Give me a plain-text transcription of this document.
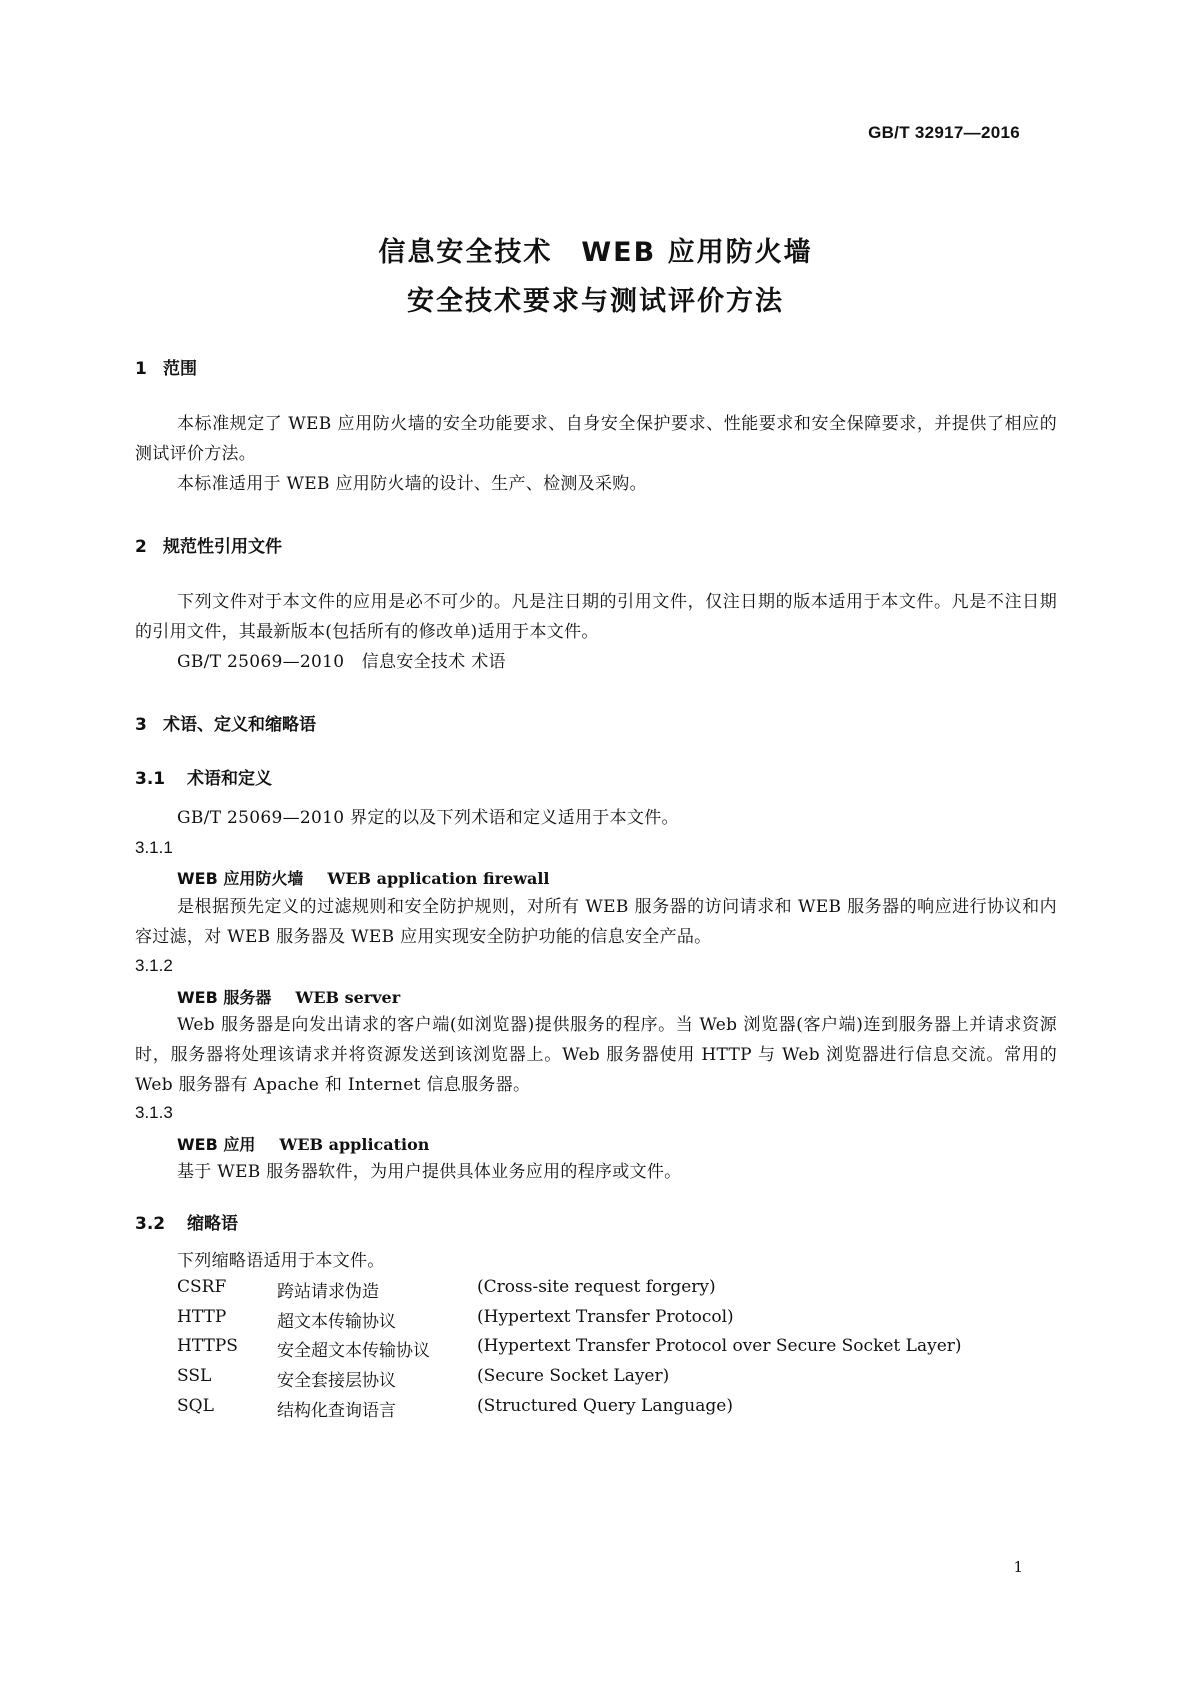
GB/T 32917—2016
信息安全技术　WEB 应用防火墙
安全技术要求与测试评价方法
1 范围
本标准规定了 WEB 应用防火墙的安全功能要求、自身安全保护要求、性能要求和安全保障要求，并提供了相应的测试评价方法。
本标准适用于 WEB 应用防火墙的设计、生产、检测及采购。
2 规范性引用文件
下列文件对于本文件的应用是必不可少的。凡是注日期的引用文件，仅注日期的版本适用于本文件。凡是不注日期的引用文件，其最新版本(包括所有的修改单)适用于本文件。
GB/T 25069—2010　信息安全技术 术语
3 术语、定义和缩略语
3.1 术语和定义
GB/T 25069—2010 界定的以及下列术语和定义适用于本文件。
3.1.1
WEB 应用防火墙 WEB application firewall
是根据预先定义的过滤规则和安全防护规则，对所有 WEB 服务器的访问请求和 WEB 服务器的响应进行协议和内容过滤，对 WEB 服务器及 WEB 应用实现安全防护功能的信息安全产品。
3.1.2
WEB 服务器 WEB server
Web 服务器是向发出请求的客户端(如浏览器)提供服务的程序。当 Web 浏览器(客户端)连到服务器上并请求资源时，服务器将处理该请求并将资源发送到该浏览器上。Web 服务器使用 HTTP 与 Web 浏览器进行信息交流。常用的 Web 服务器有 Apache 和 Internet 信息服务器。
3.1.3
WEB 应用 WEB application
基于 WEB 服务器软件，为用户提供具体业务应用的程序或文件。
3.2 缩略语
下列缩略语适用于本文件。
CSRF	跨站请求伪造	(Cross-site request forgery)
HTTP	超文本传输协议	(Hypertext Transfer Protocol)
HTTPS	安全超文本传输协议	(Hypertext Transfer Protocol over Secure Socket Layer)
SSL	安全套接层协议	(Secure Socket Layer)
SQL	结构化查询语言	(Structured Query Language)
1
